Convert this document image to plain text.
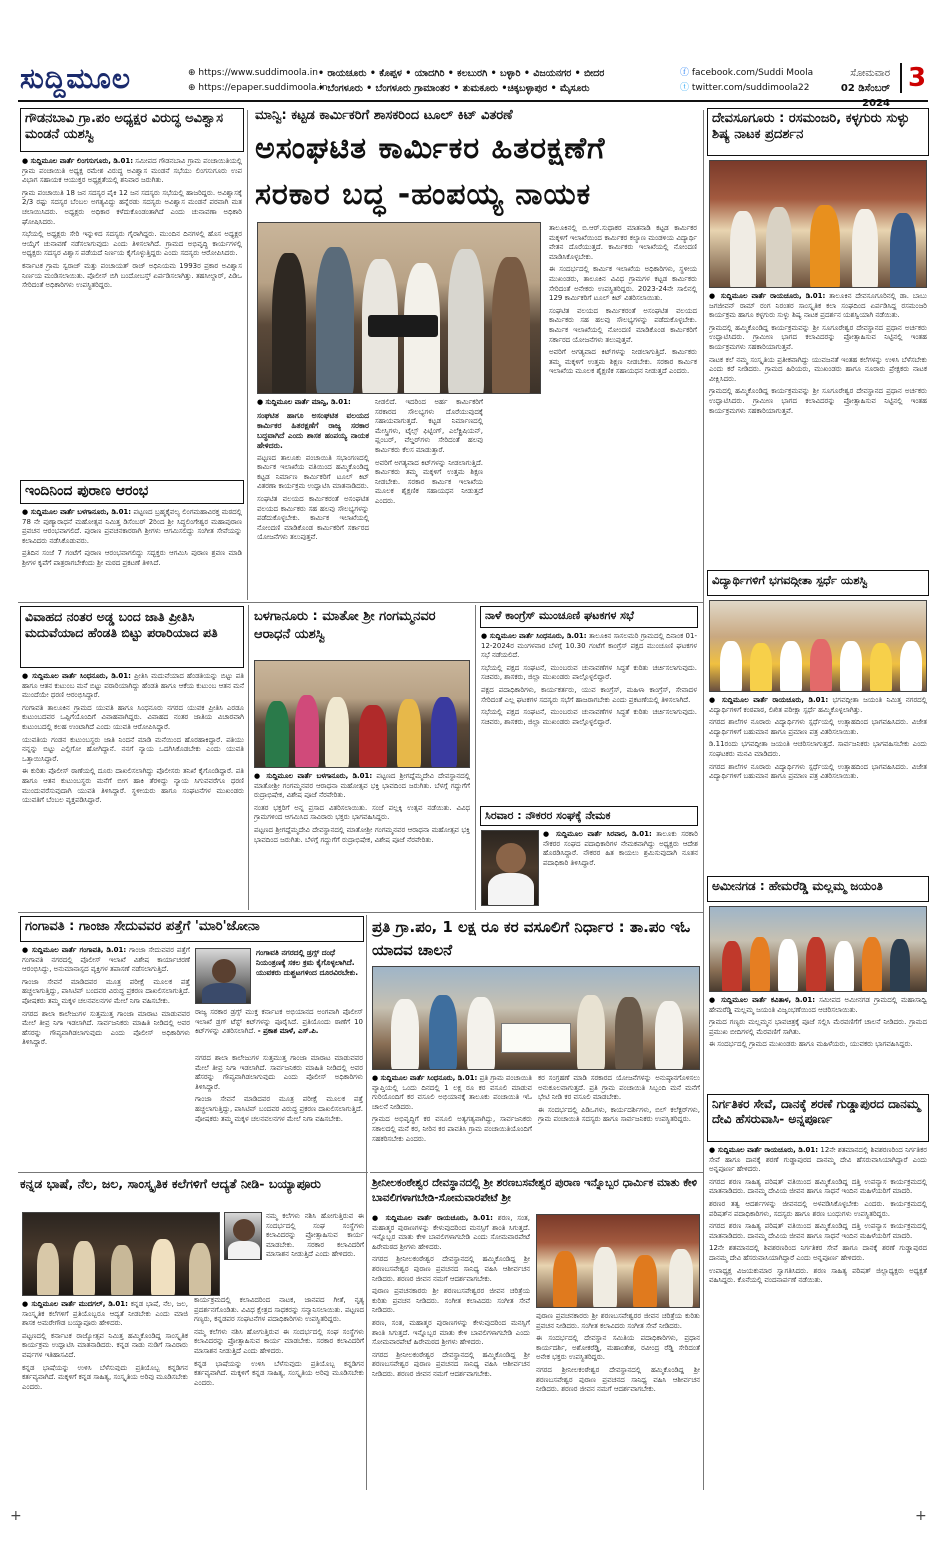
ಸುದ್ದಿಮೂಲ	⊕ https://www.suddimoola.in
⊕ https://epaper.suddimoola.in
• ರಾಯಚೂರು • ಕೊಪ್ಪಳ • ಯಾದಗಿರಿ • ಕಲಬುರಗಿ • ಬಳ್ಳಾರಿ • ವಿಜಯನಗರ • ಬೀದರ
• ಬೆಂಗಳೂರು • ಬೆಂಗಳೂರು ಗ್ರಾಮಾಂತರ • ತುಮಕೂರು •ಚಿಕ್ಕಬಳ್ಳಾಪುರ • ಮೈಸೂರು
ⓕ facebook.com/Suddi Moola
ⓣ twitter.com/suddimoola22
ಸೋಮವಾರ
02 ಡಿಸೆಂಬರ್ 2024
3
ಗೌಡನಬಾವಿ ಗ್ರಾ.ಪಂ ಅಧ್ಯಕ್ಷರ ವಿರುದ್ಧ ಅವಿಶ್ವಾಸ ಮಂಡನೆ ಯಶಸ್ವಿ

● ಸುದ್ದಿಮೂಲ ವಾರ್ತೆ ಲಿಂಗಸುಗೂರು, ಡಿ.01: ಸಮೀಪದ ಗೌಡನಬಾವಿ ಗ್ರಾಮ ಪಂಚಾಯಿತಿಯಲ್ಲಿ ಗ್ರಾಮ ಪಂಚಾಯಿತಿ ಅಧ್ಯಕ್ಷ ರಮೇಶ ವಿರುದ್ಧ ಅವಿಶ್ವಾಸ ಮಂಡನೆ ಸಭೆಯು ಲಿಂಗಸುಗೂರು ಉಪ ವಿಭಾಗ ಸಹಾಯಕ ಆಯುಕ್ತರ ಅಧ್ಯಕ್ಷತೆಯಲ್ಲಿ ಶನಿವಾರ ಜರುಗಿತು.

ಗ್ರಾಮ ಪಂಚಾಯಿತಿ 18 ಜನ ಸದಸ್ಯರ ಪೈಕಿ 12 ಜನ ಸದಸ್ಯರು ಸಭೆಯಲ್ಲಿ ಹಾಜರಿದ್ದರು. ಅವಿಶ್ವಾಸಕ್ಕೆ 2/3 ರಷ್ಟು ಸದಸ್ಯರ ಬೆಂಬಲ ಅಗತ್ಯವಿದ್ದು ಹನ್ನೆರಡು ಸದಸ್ಯರು ಅವಿಶ್ವಾಸ ಮಂಡನೆ ಪರವಾಗಿ ಮತ ಚಲಾಯಿಸಿದರು. ಅಧ್ಯಕ್ಷರು ಅಧಿಕಾರ ಕಳೆದುಕೊಂಡಂತಾಗಿದೆ ಎಂದು ಚುನಾವಣಾ ಅಧಿಕಾರಿ ಘೋಷಿಸಿದರು.

ಸಭೆಯಲ್ಲಿ ಅಧ್ಯಕ್ಷರು ಸೇರಿ ಇನ್ನುಳಿದ ಸದಸ್ಯರು ಗೈರಾಗಿದ್ದರು. ಮುಂದಿನ ದಿನಗಳಲ್ಲಿ ಹೊಸ ಅಧ್ಯಕ್ಷರ ಆಯ್ಕೆಗೆ ಚುನಾವಣೆ ನಡೆಸಲಾಗುವುದು ಎಂದು ತಿಳಿಸಲಾಗಿದೆ. ಗ್ರಾಮದ ಅಭಿವೃದ್ಧಿ ಕಾರ್ಯಗಳಲ್ಲಿ ಅಧ್ಯಕ್ಷರು ಸದಸ್ಯರ ವಿಶ್ವಾಸ ಪಡೆಯದೆ ನಿರ್ಣಯ ಕೈಗೊಳ್ಳುತ್ತಿದ್ದರು ಎಂದು ಸದಸ್ಯರು ಆರೋಪಿಸಿದರು.

ಕರ್ನಾಟಕ ಗ್ರಾಮ ಸ್ವರಾಜ್ ಮತ್ತು ಪಂಚಾಯತ್ ರಾಜ್ ಅಧಿನಿಯಮ 1993ರ ಪ್ರಕಾರ ಅವಿಶ್ವಾಸ ನಿರ್ಣಯ ಮಂಡಿಸಲಾಯಿತು. ಪೊಲೀಸ್ ಬಿಗಿ ಬಂದೋಬಸ್ತ್ ಏರ್ಪಡಿಸಲಾಗಿತ್ತು. ತಹಸೀಲ್ದಾರ್, ಪಿಡಿಒ ಸೇರಿದಂತೆ ಅಧಿಕಾರಿಗಳು ಉಪಸ್ಥಿತರಿದ್ದರು.

ಇಂದಿನಿಂದ ಪುರಾಣ ಆರಂಭ

● ಸುದ್ದಿಮೂಲ ವಾರ್ತೆ ಬಳಗಾನೂರು, ಡಿ.01: ಪಟ್ಟಣದ ಬ್ರಹ್ಮಕೈವಲ್ಯ ಲಿಂಗಮಹಾವಿರಕ್ತ ಮಠದಲ್ಲಿ 78 ನೇ ಪುಣ್ಯಾರಾಧನೆ ಮಹೋತ್ಸವ ನಿಮಿತ್ತ ಡಿಸೆಂಬರ್ 2ರಿಂದ ಶ್ರೀ ಸಿದ್ಧಲಿಂಗೇಶ್ವರ ಮಹಾಪುರಾಣ ಪ್ರವಚನ ಆರಂಭವಾಗಲಿದೆ. ಪುರಾಣ ಪ್ರವಚನಕಾರರಾಗಿ ಶ್ರೀಗಳು ಆಗಮಿಸಲಿದ್ದು ಸಂಗೀತ ಸೇವೆಯನ್ನು ಕಲಾವಿದರು ನಡೆಸಿಕೊಡುವರು.

ಪ್ರತಿದಿನ ಸಂಜೆ 7 ಗಂಟೆಗೆ ಪುರಾಣ ಆರಂಭವಾಗಲಿದ್ದು ಸದ್ಭಕ್ತರು ಆಗಮಿಸಿ ಪುರಾಣ ಶ್ರವಣ ಮಾಡಿ ಶ್ರೀಗಳ ಕೃಪೆಗೆ ಪಾತ್ರರಾಗಬೇಕೆಂದು ಶ್ರೀ ಮಠದ ಪ್ರಕಟಣೆ ತಿಳಿಸಿದೆ.

ಮಾನ್ವಿ: ಕಟ್ಟಡ ಕಾರ್ಮಿಕರಿಗೆ ಶಾಸಕರಿಂದ ಟೂಲ್ ಕಿಟ್ ವಿತರಣೆ
ಅಸಂಘಟಿತ ಕಾರ್ಮಿಕರ ಹಿತರಕ್ಷಣೆಗೆ
ಸರಕಾರ ಬದ್ಧ -ಹಂಪಯ್ಯ ನಾಯಕ

● ಸುದ್ದಿಮೂಲ ವಾರ್ತೆ ಮಾನ್ವಿ, ಡಿ.01:

ಸಂಘಟಿತ ಹಾಗೂ ಅಸಂಘಟಿತ ವಲಯದ ಕಾರ್ಮಿಕರ ಹಿತರಕ್ಷಣೆಗೆ ರಾಜ್ಯ ಸರಕಾರ ಬದ್ಧವಾಗಿದೆ ಎಂದು ಶಾಸಕ ಹಂಪಯ್ಯ ನಾಯಕ ಹೇಳಿದರು.

ಪಟ್ಟಣದ ತಾಲೂಕು ಪಂಚಾಯಿತಿ ಸಭಾಂಗಣದಲ್ಲಿ ಕಾರ್ಮಿಕ ಇಲಾಖೆಯ ವತಿಯಿಂದ ಹಮ್ಮಿಕೊಂಡಿದ್ದ ಕಟ್ಟಡ ನಿರ್ಮಾಣ ಕಾರ್ಮಿಕರಿಗೆ ಟೂಲ್ ಕಿಟ್ ವಿತರಣಾ ಕಾರ್ಯಕ್ರಮ ಉದ್ಘಾಟಿಸಿ ಮಾತನಾಡಿದರು.

ಸಂಘಟಿತ ವಲಯದ ಕಾರ್ಮಿಕರಂತೆ ಅಸಂಘಟಿತ ವಲಯದ ಕಾರ್ಮಿಕರು ಸಹ ಹಲವು ಸೌಲಭ್ಯಗಳನ್ನು ಪಡೆದುಕೊಳ್ಳಬೇಕು. ಕಾರ್ಮಿಕ ಇಲಾಖೆಯಲ್ಲಿ ನೋಂದಣಿ ಮಾಡಿಕೊಂಡ ಕಾರ್ಮಿಕರಿಗೆ ಸರ್ಕಾರದ ಯೋಜನೆಗಳು ತಲುಪುತ್ತವೆ.

ನೀಡಲಿದೆ. ಇದರಿಂದ ಅರ್ಹ ಕಾರ್ಮಿಕರಿಗೆ ಸರಕಾರದ ಸೌಲಭ್ಯಗಳು ದೊರೆಯುವುದಕ್ಕೆ ಸಹಾಯವಾಗುತ್ತದೆ. ಕಟ್ಟಡ ನಿರ್ಮಾಣದಲ್ಲಿ ಮೇಸ್ತ್ರಿಗಳು, ಟೈಲ್ಸ್ ಫಿಟ್ಟಿಂಗ್, ಎಲೆಕ್ಟ್ರಿಷಿಯನ್, ಪ್ಲಂಬರ್, ವೆಲ್ಡರ್‌ಗಳು ಸೇರಿದಂತೆ ಹಲವು ಕಾರ್ಮಿಕರು ಕೆಲಸ ಮಾಡುತ್ತಾರೆ.

ಅವರಿಗೆ ಅಗತ್ಯವಾದ ಕಿಟ್‌ಗಳನ್ನು ನೀಡಲಾಗುತ್ತಿದೆ. ಕಾರ್ಮಿಕರು ತಮ್ಮ ಮಕ್ಕಳಿಗೆ ಉತ್ತಮ ಶಿಕ್ಷಣ ನೀಡಬೇಕು. ಸರಕಾರ ಕಾರ್ಮಿಕ ಇಲಾಖೆಯ ಮೂಲಕ ಶೈಕ್ಷಣಿಕ ಸಹಾಯಧನ ನೀಡುತ್ತದೆ ಎಂದರು.

ತಾಲೂಕಿನಲ್ಲಿ ಬಿ.ಆರ್.ಸುಧಾಕರ ಮಾತನಾಡಿ ಕಟ್ಟಡ ಕಾರ್ಮಿಕರ ಮಕ್ಕಳಿಗೆ ಇಲಾಖೆಯಿಂದ ಕಾರ್ಮಿಕರ ಕಲ್ಯಾಣ ಮಂಡಳಿಯ ವಿದ್ಯಾರ್ಥಿ ವೇತನ ದೊರೆಯುತ್ತದೆ. ಕಾರ್ಮಿಕರು ಇಲಾಖೆಯಲ್ಲಿ ನೋಂದಣಿ ಮಾಡಿಸಿಕೊಳ್ಳಬೇಕು.

ಈ ಸಂದರ್ಭದಲ್ಲಿ ಕಾರ್ಮಿಕ ಇಲಾಖೆಯ ಅಧಿಕಾರಿಗಳು, ಸ್ಥಳೀಯ ಮುಖಂಡರು, ತಾಲೂಕಿನ ವಿವಿಧ ಗ್ರಾಮಗಳ ಕಟ್ಟಡ ಕಾರ್ಮಿಕರು ಸೇರಿದಂತೆ ಅನೇಕರು ಉಪಸ್ಥಿತರಿದ್ದರು. 2023-24ನೇ ಸಾಲಿನಲ್ಲಿ 129 ಕಾರ್ಮಿಕರಿಗೆ ಟೂಲ್ ಕಿಟ್ ವಿತರಿಸಲಾಯಿತು.

ಸಂಘಟಿತ ವಲಯದ ಕಾರ್ಮಿಕರಂತೆ ಅಸಂಘಟಿತ ವಲಯದ ಕಾರ್ಮಿಕರು ಸಹ ಹಲವು ಸೌಲಭ್ಯಗಳನ್ನು ಪಡೆದುಕೊಳ್ಳಬೇಕು. ಕಾರ್ಮಿಕ ಇಲಾಖೆಯಲ್ಲಿ ನೋಂದಣಿ ಮಾಡಿಕೊಂಡ ಕಾರ್ಮಿಕರಿಗೆ ಸರ್ಕಾರದ ಯೋಜನೆಗಳು ತಲುಪುತ್ತವೆ.

ಅವರಿಗೆ ಅಗತ್ಯವಾದ ಕಿಟ್‌ಗಳನ್ನು ನೀಡಲಾಗುತ್ತಿದೆ. ಕಾರ್ಮಿಕರು ತಮ್ಮ ಮಕ್ಕಳಿಗೆ ಉತ್ತಮ ಶಿಕ್ಷಣ ನೀಡಬೇಕು. ಸರಕಾರ ಕಾರ್ಮಿಕ ಇಲಾಖೆಯ ಮೂಲಕ ಶೈಕ್ಷಣಿಕ ಸಹಾಯಧನ ನೀಡುತ್ತದೆ ಎಂದರು.

ದೇವಸೂಗೂರು : ರಸಮಂಜರಿ, ಕಳ್ಳಗುರು ಸುಳ್ಳು ಶಿಷ್ಯ ನಾಟಕ ಪ್ರದರ್ಶನ

● ಸುದ್ದಿಮೂಲ ವಾರ್ತೆ ರಾಯಚೂರು, ಡಿ.01: ತಾಲೂಕಿನ ದೇವಸೂಗೂರಿನಲ್ಲಿ ಡಾ. ಬಾಬು ಜಗಜೀವನ್ ರಾಮ್ ರಂಗ ನಿರಂತರ ಸಾಂಸ್ಕೃತಿಕ ಕಲಾ ಸಂಘದಿಂದ ಏರ್ಪಡಿಸಿದ್ದ ರಸಮಂಜರಿ ಕಾರ್ಯಕ್ರಮ ಹಾಗೂ ಕಳ್ಳಗುರು ಸುಳ್ಳು ಶಿಷ್ಯ ನಾಟಕ ಪ್ರದರ್ಶನ ಯಶಸ್ವಿಯಾಗಿ ನಡೆಯಿತು.

ಗ್ರಾಮದಲ್ಲಿ ಹಮ್ಮಿಕೊಂಡಿದ್ದ ಕಾರ್ಯಕ್ರಮವನ್ನು ಶ್ರೀ ಸೂಗೂರೇಶ್ವರ ದೇವಸ್ಥಾನದ ಪ್ರಧಾನ ಅರ್ಚಕರು ಉದ್ಘಾಟಿಸಿದರು. ಗ್ರಾಮೀಣ ಭಾಗದ ಕಲಾವಿದರನ್ನು ಪ್ರೋತ್ಸಾಹಿಸುವ ನಿಟ್ಟಿನಲ್ಲಿ ಇಂತಹ ಕಾರ್ಯಕ್ರಮಗಳು ಸಹಕಾರಿಯಾಗುತ್ತವೆ.

ನಾಟಕ ಕಲೆ ನಮ್ಮ ಸಂಸ್ಕೃತಿಯ ಪ್ರತೀಕವಾಗಿದ್ದು ಯುವಜನತೆ ಇಂತಹ ಕಲೆಗಳನ್ನು ಉಳಿಸಿ ಬೆಳೆಸಬೇಕು ಎಂದು ಕರೆ ನೀಡಿದರು. ಗ್ರಾಮದ ಹಿರಿಯರು, ಮುಖಂಡರು ಹಾಗೂ ನೂರಾರು ಪ್ರೇಕ್ಷಕರು ನಾಟಕ ವೀಕ್ಷಿಸಿದರು.

ಗ್ರಾಮದಲ್ಲಿ ಹಮ್ಮಿಕೊಂಡಿದ್ದ ಕಾರ್ಯಕ್ರಮವನ್ನು ಶ್ರೀ ಸೂಗೂರೇಶ್ವರ ದೇವಸ್ಥಾನದ ಪ್ರಧಾನ ಅರ್ಚಕರು ಉದ್ಘಾಟಿಸಿದರು. ಗ್ರಾಮೀಣ ಭಾಗದ ಕಲಾವಿದರನ್ನು ಪ್ರೋತ್ಸಾಹಿಸುವ ನಿಟ್ಟಿನಲ್ಲಿ ಇಂತಹ ಕಾರ್ಯಕ್ರಮಗಳು ಸಹಕಾರಿಯಾಗುತ್ತವೆ.

ವಿದ್ಯಾರ್ಥಿಗಳಿಗೆ ಭಗವದ್ಗೀತಾ ಸ್ಪರ್ಧೆ ಯಶಸ್ವಿ

● ಸುದ್ದಿಮೂಲ ವಾರ್ತೆ ರಾಯಚೂರು, ಡಿ.01: ಭಗವದ್ಗೀತಾ ಜಯಂತಿ ನಿಮಿತ್ತ ನಗರದಲ್ಲಿ ವಿದ್ಯಾರ್ಥಿಗಳಿಗೆ ಕಂಠಪಾಠ, ಲಿಖಿತ ಪರೀಕ್ಷಾ ಸ್ಪರ್ಧೆ ಹಮ್ಮಿಕೊಳ್ಳಲಾಗಿತ್ತು.

ನಗರದ ಶಾಲೆಗಳ ನೂರಾರು ವಿದ್ಯಾರ್ಥಿಗಳು ಸ್ಪರ್ಧೆಯಲ್ಲಿ ಉತ್ಸಾಹದಿಂದ ಭಾಗವಹಿಸಿದರು. ವಿಜೇತ ವಿದ್ಯಾರ್ಥಿಗಳಿಗೆ ಬಹುಮಾನ ಹಾಗೂ ಪ್ರಮಾಣ ಪತ್ರ ವಿತರಿಸಲಾಯಿತು.

ಡಿ.11ರಂದು ಭಗವದ್ಗೀತಾ ಜಯಂತಿ ಆಚರಿಸಲಾಗುತ್ತದೆ. ಸಾರ್ವಜನಿಕರು ಭಾಗವಹಿಸಬೇಕು ಎಂದು ಸಂಘಟಕರು ಮನವಿ ಮಾಡಿದರು.

ನಗರದ ಶಾಲೆಗಳ ನೂರಾರು ವಿದ್ಯಾರ್ಥಿಗಳು ಸ್ಪರ್ಧೆಯಲ್ಲಿ ಉತ್ಸಾಹದಿಂದ ಭಾಗವಹಿಸಿದರು. ವಿಜೇತ ವಿದ್ಯಾರ್ಥಿಗಳಿಗೆ ಬಹುಮಾನ ಹಾಗೂ ಪ್ರಮಾಣ ಪತ್ರ ವಿತರಿಸಲಾಯಿತು.

ಅಮೀನಗಡ : ಹೇಮರೆಡ್ಡಿ ಮಲ್ಲಮ್ಮ ಜಯಂತಿ

● ಸುದ್ದಿಮೂಲ ವಾರ್ತೆ ಕವಿತಾಳ, ಡಿ.01: ಸಮೀಪದ ಅಮೀನಗಡ ಗ್ರಾಮದಲ್ಲಿ ಮಹಾಸಾಧ್ವಿ ಹೇಮರೆಡ್ಡಿ ಮಲ್ಲಮ್ಮ ಜಯಂತಿ ವಿಜೃಂಭಣೆಯಿಂದ ಆಚರಿಸಲಾಯಿತು.

ಗ್ರಾಮದ ಗಣ್ಯರು ಮಲ್ಲಮ್ಮನ ಭಾವಚಿತ್ರಕ್ಕೆ ಪೂಜೆ ಸಲ್ಲಿಸಿ ಮೆರವಣಿಗೆಗೆ ಚಾಲನೆ ನೀಡಿದರು. ಗ್ರಾಮದ ಪ್ರಮುಖ ಬೀದಿಗಳಲ್ಲಿ ಮೆರವಣಿಗೆ ಸಾಗಿತು.

ಈ ಸಂದರ್ಭದಲ್ಲಿ ಗ್ರಾಮದ ಮುಖಂಡರು ಹಾಗೂ ಮಹಿಳೆಯರು, ಯುವಕರು ಭಾಗವಹಿಸಿದ್ದರು.

ನಿರ್ಗತಿಕರ ಸೇವೆ, ದಾನಕ್ಕೆ ಶರಣೆ ಗುಡ್ಡಾಪುರದ ದಾನಮ್ಮ ದೇವಿ ಹೆಸರುವಾಸಿ- ಅನ್ನಪೂರ್ಣ

● ಸುದ್ದಿಮೂಲ ವಾರ್ತೆ ರಾಯಚೂರು, ಡಿ.01: 12ನೇ ಶತಮಾನದಲ್ಲಿ ಶಿವಶರಣರಿಂದ ನಿರ್ಗತಿಕರ ಸೇವೆ ಹಾಗೂ ದಾನಕ್ಕೆ ಶರಣೆ ಗುಡ್ಡಾಪುರದ ದಾನಮ್ಮ ದೇವಿ ಹೆಸರುವಾಸಿಯಾಗಿದ್ದಾರೆ ಎಂದು ಅನ್ನಪೂರ್ಣ ಹೇಳಿದರು.

ನಗರದ ಶರಣ ಸಾಹಿತ್ಯ ಪರಿಷತ್ ವತಿಯಿಂದ ಹಮ್ಮಿಕೊಂಡಿದ್ದ ದತ್ತಿ ಉಪನ್ಯಾಸ ಕಾರ್ಯಕ್ರಮದಲ್ಲಿ ಮಾತನಾಡಿದರು. ದಾನಮ್ಮ ದೇವಿಯ ಜೀವನ ಹಾಗೂ ಸಾಧನೆ ಇಂದಿನ ಮಹಿಳೆಯರಿಗೆ ಮಾದರಿ.

ಶರಣರ ತತ್ವ ಆದರ್ಶಗಳನ್ನು ಜೀವನದಲ್ಲಿ ಅಳವಡಿಸಿಕೊಳ್ಳಬೇಕು ಎಂದರು. ಕಾರ್ಯಕ್ರಮದಲ್ಲಿ ಪರಿಷತ್‌ನ ಪದಾಧಿಕಾರಿಗಳು, ಸದಸ್ಯರು ಹಾಗೂ ಶರಣ ಬಂಧುಗಳು ಉಪಸ್ಥಿತರಿದ್ದರು.

ನಗರದ ಶರಣ ಸಾಹಿತ್ಯ ಪರಿಷತ್ ವತಿಯಿಂದ ಹಮ್ಮಿಕೊಂಡಿದ್ದ ದತ್ತಿ ಉಪನ್ಯಾಸ ಕಾರ್ಯಕ್ರಮದಲ್ಲಿ ಮಾತನಾಡಿದರು. ದಾನಮ್ಮ ದೇವಿಯ ಜೀವನ ಹಾಗೂ ಸಾಧನೆ ಇಂದಿನ ಮಹಿಳೆಯರಿಗೆ ಮಾದರಿ.

12ನೇ ಶತಮಾನದಲ್ಲಿ ಶಿವಶರಣರಿಂದ ನಿರ್ಗತಿಕರ ಸೇವೆ ಹಾಗೂ ದಾನಕ್ಕೆ ಶರಣೆ ಗುಡ್ಡಾಪುರದ ದಾನಮ್ಮ ದೇವಿ ಹೆಸರುವಾಸಿಯಾಗಿದ್ದಾರೆ ಎಂದು ಅನ್ನಪೂರ್ಣ ಹೇಳಿದರು.

ಉಪಾಧ್ಯಕ್ಷ ವಿಜಯಕುಮಾರ ಸ್ವಾಗತಿಸಿದರು. ಶರಣ ಸಾಹಿತ್ಯ ಪರಿಷತ್ ಜಿಲ್ಲಾಧ್ಯಕ್ಷರು ಅಧ್ಯಕ್ಷತೆ ವಹಿಸಿದ್ದರು. ಕೊನೆಯಲ್ಲಿ ವಂದನಾರ್ಪಣೆ ನಡೆಯಿತು.

ವಿವಾಹದ ನಂತರ ಅಡ್ಡ ಬಂದ ಜಾತಿ ಪ್ರೀತಿಸಿ ಮದುವೆಯಾದ ಹೆಂಡತಿ ಬಿಟ್ಟು ಪರಾರಿಯಾದ ಪತಿ

● ಸುದ್ದಿಮೂಲ ವಾರ್ತೆ ಸಿಂಧನೂರು, ಡಿ.01: ಪ್ರೀತಿಸಿ ಮದುವೆಯಾದ ಹೆಂಡತಿಯನ್ನು ಬಿಟ್ಟು ಪತಿ ಹಾಗೂ ಆತನ ಕುಟುಂಬ ಮನೆ ಬಿಟ್ಟು ಪರಾರಿಯಾಗಿದ್ದು ಹೆಂಡತಿ ಹಾಗೂ ಆಕೆಯ ಕುಟುಂಬ ಆತನ ಮನೆ ಮುಂದೆಯೇ ಧರಣಿ ಆರಂಭಿಸಿದ್ದಾರೆ.

ಗಂಗಾವತಿ ತಾಲೂಕಿನ ಗ್ರಾಮದ ಯುವತಿ ಹಾಗೂ ಸಿಂಧನೂರು ನಗರದ ಯುವಕ ಪ್ರೀತಿಸಿ ಎರಡೂ ಕುಟುಂಬದವರ ಒಪ್ಪಿಗೆಯೊಂದಿಗೆ ವಿವಾಹವಾಗಿದ್ದರು. ವಿವಾಹದ ನಂತರ ಜಾತಿಯ ವಿಚಾರವಾಗಿ ಕುಟುಂಬದಲ್ಲಿ ಕಲಹ ಉಂಟಾಗಿದೆ ಎಂದು ಯುವತಿ ಆರೋಪಿಸಿದ್ದಾರೆ.

ಯುವತಿಯ ಗಂಡನ ಕುಟುಂಬಸ್ಥರು ಜಾತಿ ನಿಂದನೆ ಮಾಡಿ ಮನೆಯಿಂದ ಹೊರಹಾಕಿದ್ದಾರೆ. ಪತಿಯು ನನ್ನನ್ನು ಬಿಟ್ಟು ಎಲ್ಲಿಗೋ ಹೋಗಿದ್ದಾನೆ. ನನಗೆ ನ್ಯಾಯ ಒದಗಿಸಿಕೊಡಬೇಕು ಎಂದು ಯುವತಿ ಒತ್ತಾಯಿಸಿದ್ದಾರೆ.

ಈ ಕುರಿತು ಪೊಲೀಸ್ ಠಾಣೆಯಲ್ಲಿ ದೂರು ದಾಖಲಿಸಲಾಗಿದ್ದು ಪೊಲೀಸರು ತನಿಖೆ ಕೈಗೊಂಡಿದ್ದಾರೆ. ಪತಿ ಹಾಗೂ ಆತನ ಕುಟುಂಬಸ್ಥರು ಮನೆಗೆ ಬೀಗ ಹಾಕಿ ತೆರಳಿದ್ದು ನ್ಯಾಯ ಸಿಗುವವರೆಗೂ ಧರಣಿ ಮುಂದುವರೆಸುವುದಾಗಿ ಯುವತಿ ತಿಳಿಸಿದ್ದಾರೆ. ಸ್ಥಳೀಯರು ಹಾಗೂ ಸಂಘಟನೆಗಳ ಮುಖಂಡರು ಯುವತಿಗೆ ಬೆಂಬಲ ವ್ಯಕ್ತಪಡಿಸಿದ್ದಾರೆ.

ಬಳಗಾನೂರು : ಮಾತೋ ಶ್ರೀ ಗಂಗಮ್ಮನವರ ಆರಾಧನೆ ಯಶಸ್ವಿ

● ಸುದ್ದಿಮೂಲ ವಾರ್ತೆ ಬಳಗಾನೂರು, ಡಿ.01: ಪಟ್ಟಣದ ಶ್ರೀಗದ್ದೆಮ್ಮದೇವಿ ದೇವಸ್ಥಾನದಲ್ಲಿ ಮಾತೋಶ್ರೀ ಗಂಗಮ್ಮನವರ ಆರಾಧನಾ ಮಹೋತ್ಸವ ಭಕ್ತಿ ಭಾವದಿಂದ ಜರುಗಿತು. ಬೆಳಗ್ಗೆ ಗದ್ದುಗೆಗೆ ರುದ್ರಾಭಿಷೇಕ, ವಿಶೇಷ ಪೂಜೆ ನೆರವೇರಿತು.

ನಂತರ ಭಕ್ತರಿಗೆ ಅನ್ನ ಪ್ರಸಾದ ವಿತರಿಸಲಾಯಿತು. ಸಂಜೆ ಪಲ್ಲಕ್ಕಿ ಉತ್ಸವ ನಡೆಯಿತು. ವಿವಿಧ ಗ್ರಾಮಗಳಿಂದ ಆಗಮಿಸಿದ ಸಾವಿರಾರು ಭಕ್ತರು ಭಾಗವಹಿಸಿದ್ದರು.

ಪಟ್ಟಣದ ಶ್ರೀಗದ್ದೆಮ್ಮದೇವಿ ದೇವಸ್ಥಾನದಲ್ಲಿ ಮಾತೋಶ್ರೀ ಗಂಗಮ್ಮನವರ ಆರಾಧನಾ ಮಹೋತ್ಸವ ಭಕ್ತಿ ಭಾವದಿಂದ ಜರುಗಿತು. ಬೆಳಗ್ಗೆ ಗದ್ದುಗೆಗೆ ರುದ್ರಾಭಿಷೇಕ, ವಿಶೇಷ ಪೂಜೆ ನೆರವೇರಿತು.

ನಾಳೆ ಕಾಂಗ್ರೆಸ್ ಮುಂಚೂಣಿ ಘಟಕಗಳ ಸಭೆ

● ಸುದ್ದಿಮೂಲ ವಾರ್ತೆ ಸಿಂಧನೂರು, ಡಿ.01: ತಾಲೂಕಿನ ಸಾಸಲಮರಿ ಗ್ರಾಮದಲ್ಲಿ ದಿನಾಂಕ 01-12-2024ರ ಮಂಗಳವಾರ ಬೆಳಗ್ಗೆ 10.30 ಗಂಟೆಗೆ ಕಾಂಗ್ರೆಸ್ ಪಕ್ಷದ ಮುಂಚೂಣಿ ಘಟಕಗಳ ಸಭೆ ನಡೆಯಲಿದೆ.

ಸಭೆಯಲ್ಲಿ ಪಕ್ಷದ ಸಂಘಟನೆ, ಮುಂಬರುವ ಚುನಾವಣೆಗಳ ಸಿದ್ಧತೆ ಕುರಿತು ಚರ್ಚಿಸಲಾಗುವುದು. ಸಚಿವರು, ಶಾಸಕರು, ಜಿಲ್ಲಾ ಮುಖಂಡರು ಪಾಲ್ಗೊಳ್ಳಲಿದ್ದಾರೆ.

ಪಕ್ಷದ ಪದಾಧಿಕಾರಿಗಳು, ಕಾರ್ಯಕರ್ತರು, ಯುವ ಕಾಂಗ್ರೆಸ್, ಮಹಿಳಾ ಕಾಂಗ್ರೆಸ್, ಸೇವಾದಳ ಸೇರಿದಂತೆ ಎಲ್ಲ ಘಟಕಗಳ ಸದಸ್ಯರು ಸಭೆಗೆ ಹಾಜರಾಗಬೇಕು ಎಂದು ಪ್ರಕಟಣೆಯಲ್ಲಿ ತಿಳಿಸಲಾಗಿದೆ.

ಸಭೆಯಲ್ಲಿ ಪಕ್ಷದ ಸಂಘಟನೆ, ಮುಂಬರುವ ಚುನಾವಣೆಗಳ ಸಿದ್ಧತೆ ಕುರಿತು ಚರ್ಚಿಸಲಾಗುವುದು. ಸಚಿವರು, ಶಾಸಕರು, ಜಿಲ್ಲಾ ಮುಖಂಡರು ಪಾಲ್ಗೊಳ್ಳಲಿದ್ದಾರೆ.

ಸಿರವಾರ : ನೌಕರರ ಸಂಘಕ್ಕೆ ನೇಮಕ

● ಸುದ್ದಿಮೂಲ ವಾರ್ತೆ ಸಿರವಾರ, ಡಿ.01: ತಾಲೂಕು ಸರಕಾರಿ ನೌಕರರ ಸಂಘದ ಪದಾಧಿಕಾರಿಗಳ ನೇಮಕವಾಗಿದ್ದು ಅಧ್ಯಕ್ಷರು ಆದೇಶ ಹೊರಡಿಸಿದ್ದಾರೆ. ನೌಕರರ ಹಿತ ಕಾಯಲು ಶ್ರಮಿಸುವುದಾಗಿ ನೂತನ ಪದಾಧಿಕಾರಿ ತಿಳಿಸಿದ್ದಾರೆ.

ಗಂಗಾವತಿ : ಗಾಂಜಾ ಸೇದುವವರ ಪತ್ತೆಗೆ 'ಮಾರಿ'ಜೋನಾ

● ಸುದ್ದಿಮೂಲ ವಾರ್ತೆ ಗಂಗಾವತಿ, ಡಿ.01: ಗಾಂಜಾ ಸೇದುವವರ ಪತ್ತೆಗೆ ಗಂಗಾವತಿ ನಗರದಲ್ಲಿ ಪೊಲೀಸ್ ಇಲಾಖೆ ವಿಶೇಷ ಕಾರ್ಯಾಚರಣೆ ಆರಂಭಿಸಿದ್ದು, ಅನುಮಾನಾಸ್ಪದ ವ್ಯಕ್ತಿಗಳ ತಪಾಸಣೆ ನಡೆಸಲಾಗುತ್ತಿದೆ.

ಗಾಂಜಾ ಸೇವನೆ ಮಾಡಿದವರ ಮೂತ್ರ ಪರೀಕ್ಷೆ ಮೂಲಕ ಪತ್ತೆ ಹಚ್ಚಲಾಗುತ್ತಿದ್ದು, ಪಾಸಿಟಿವ್ ಬಂದವರ ವಿರುದ್ಧ ಪ್ರಕರಣ ದಾಖಲಿಸಲಾಗುತ್ತಿದೆ. ಪೋಷಕರು ತಮ್ಮ ಮಕ್ಕಳ ಚಲನವಲನಗಳ ಮೇಲೆ ನಿಗಾ ವಹಿಸಬೇಕು.

ನಗರದ ಶಾಲಾ ಕಾಲೇಜುಗಳ ಸುತ್ತಮುತ್ತ ಗಾಂಜಾ ಮಾರಾಟ ಮಾಡುವವರ ಮೇಲೆ ತೀವ್ರ ನಿಗಾ ಇಡಲಾಗಿದೆ. ಸಾರ್ವಜನಿಕರು ಮಾಹಿತಿ ನೀಡಿದಲ್ಲಿ ಅವರ ಹೆಸರನ್ನು ಗೌಪ್ಯವಾಗಿಡಲಾಗುವುದು ಎಂದು ಪೊಲೀಸ್ ಅಧಿಕಾರಿಗಳು ತಿಳಿಸಿದ್ದಾರೆ.

ಗಂಗಾವತಿ ನಗರದಲ್ಲಿ ಡ್ರಗ್ಸ್ ದಂಧೆ ನಿಯಂತ್ರಣಕ್ಕೆ ಸಕಲ ಕ್ರಮ ಕೈಗೊಳ್ಳಲಾಗಿದೆ. ಯುವಕರು ದುಶ್ಚಟಗಳಿಂದ ದೂರವಿರಬೇಕು.

ರಾಜ್ಯ ಸರಕಾರ ಡ್ರಗ್ಸ್ ಮುಕ್ತ ಕರ್ನಾಟಕ ಅಭಿಯಾನದ ಅಂಗವಾಗಿ ಪೊಲೀಸ್ ಇಲಾಖೆ ಡ್ರಗ್ ಟೆಸ್ಟ್ ಕಿಟ್‌ಗಳನ್ನು ಪೂರೈಸಿದೆ. ಪ್ರತಿಯೊಂದು ಠಾಣೆಗೆ 10 ಕಿಟ್‌ಗಳನ್ನು ವಿತರಿಸಲಾಗಿದೆ. - ಪ್ರಕಾಶ ಮಾಳೆ, ಎಸ್.ಪಿ.

ನಗರದ ಶಾಲಾ ಕಾಲೇಜುಗಳ ಸುತ್ತಮುತ್ತ ಗಾಂಜಾ ಮಾರಾಟ ಮಾಡುವವರ ಮೇಲೆ ತೀವ್ರ ನಿಗಾ ಇಡಲಾಗಿದೆ. ಸಾರ್ವಜನಿಕರು ಮಾಹಿತಿ ನೀಡಿದಲ್ಲಿ ಅವರ ಹೆಸರನ್ನು ಗೌಪ್ಯವಾಗಿಡಲಾಗುವುದು ಎಂದು ಪೊಲೀಸ್ ಅಧಿಕಾರಿಗಳು ತಿಳಿಸಿದ್ದಾರೆ.

ಗಾಂಜಾ ಸೇವನೆ ಮಾಡಿದವರ ಮೂತ್ರ ಪರೀಕ್ಷೆ ಮೂಲಕ ಪತ್ತೆ ಹಚ್ಚಲಾಗುತ್ತಿದ್ದು, ಪಾಸಿಟಿವ್ ಬಂದವರ ವಿರುದ್ಧ ಪ್ರಕರಣ ದಾಖಲಿಸಲಾಗುತ್ತಿದೆ. ಪೋಷಕರು ತಮ್ಮ ಮಕ್ಕಳ ಚಲನವಲನಗಳ ಮೇಲೆ ನಿಗಾ ವಹಿಸಬೇಕು.

ಪ್ರತಿ ಗ್ರಾ.ಪಂ, 1 ಲಕ್ಷ ರೂ ಕರ ವಸೂಲಿಗೆ ನಿರ್ಧಾರ : ತಾ.ಪಂ ಇಓ ಯಾದವ ಚಾಲನೆ

● ಸುದ್ದಿಮೂಲ ವಾರ್ತೆ ಸಿಂಧನೂರು, ಡಿ.01: ಪ್ರತಿ ಗ್ರಾಮ ಪಂಚಾಯಿತಿ ವ್ಯಾಪ್ತಿಯಲ್ಲಿ ಒಂದು ದಿನದಲ್ಲಿ 1 ಲಕ್ಷ ರೂ ಕರ ವಸೂಲಿ ಮಾಡುವ ಗುರಿಯೊಂದಿಗೆ ಕರ ವಸೂಲಿ ಅಭಿಯಾನಕ್ಕೆ ತಾಲೂಕು ಪಂಚಾಯಿತಿ ಇಓ ಚಾಲನೆ ನೀಡಿದರು.

ಗ್ರಾಮದ ಅಭಿವೃದ್ಧಿಗೆ ಕರ ವಸೂಲಿ ಅತ್ಯಗತ್ಯವಾಗಿದ್ದು, ಸಾರ್ವಜನಿಕರು ಸಕಾಲದಲ್ಲಿ ಮನೆ ಕರ, ನೀರಿನ ಕರ ಪಾವತಿಸಿ ಗ್ರಾಮ ಪಂಚಾಯಿತಿಯೊಂದಿಗೆ ಸಹಕರಿಸಬೇಕು ಎಂದರು.

ಕರ ಸಂಗ್ರಹಣೆ ಮಾಡಿ ಸರಕಾರದ ಯೋಜನೆಗಳನ್ನು ಅನುಷ್ಠಾನಗೊಳಿಸಲು ಅನುಕೂಲವಾಗುತ್ತದೆ. ಪ್ರತಿ ಗ್ರಾಮ ಪಂಚಾಯಿತಿ ಸಿಬ್ಬಂದಿ ಮನೆ ಮನೆಗೆ ಭೇಟಿ ನೀಡಿ ಕರ ವಸೂಲಿ ಮಾಡಬೇಕು.

ಈ ಸಂದರ್ಭದಲ್ಲಿ ಪಿಡಿಒಗಳು, ಕಾರ್ಯದರ್ಶಿಗಳು, ಬಿಲ್ ಕಲೆಕ್ಟರ್‌ಗಳು, ಗ್ರಾಮ ಪಂಚಾಯಿತಿ ಸದಸ್ಯರು ಹಾಗೂ ಸಾರ್ವಜನಿಕರು ಉಪಸ್ಥಿತರಿದ್ದರು.

ಕನ್ನಡ ಭಾಷೆ, ನೆಲ, ಜಲ, ಸಾಂಸ್ಕೃತಿಕ ಕಲೆಗಳಿಗೆ ಆದ್ಯತೆ ನೀಡಿ- ಬಯ್ಯಾಪೂರು

ನಮ್ಮ ಕಲೆಗಳು ನಶಿಸಿ ಹೋಗುತ್ತಿರುವ ಈ ಸಂದರ್ಭದಲ್ಲಿ ಸಂಘ ಸಂಸ್ಥೆಗಳು ಕಲಾವಿದರನ್ನು ಪ್ರೋತ್ಸಾಹಿಸುವ ಕಾರ್ಯ ಮಾಡಬೇಕು. ಸರಕಾರ ಕಲಾವಿದರಿಗೆ ಮಾಸಾಶನ ನೀಡುತ್ತಿದೆ ಎಂದು ಹೇಳಿದರು.

● ಸುದ್ದಿಮೂಲ ವಾರ್ತೆ ಮುದಗಲ್, ಡಿ.01: ಕನ್ನಡ ಭಾಷೆ, ನೆಲ, ಜಲ, ಸಾಂಸ್ಕೃತಿಕ ಕಲೆಗಳಿಗೆ ಪ್ರತಿಯೊಬ್ಬರೂ ಆದ್ಯತೆ ನೀಡಬೇಕು ಎಂದು ಮಾಜಿ ಶಾಸಕ ಅಮರೇಗೌಡ ಬಯ್ಯಾಪೂರು ಹೇಳಿದರು.

ಪಟ್ಟಣದಲ್ಲಿ ಕರ್ನಾಟಕ ರಾಜ್ಯೋತ್ಸವ ನಿಮಿತ್ತ ಹಮ್ಮಿಕೊಂಡಿದ್ದ ಸಾಂಸ್ಕೃತಿಕ ಕಾರ್ಯಕ್ರಮ ಉದ್ಘಾಟಿಸಿ ಮಾತನಾಡಿದರು. ಕನ್ನಡ ನಾಡು ನುಡಿಗೆ ಸಾವಿರಾರು ವರ್ಷಗಳ ಇತಿಹಾಸವಿದೆ.

ಕನ್ನಡ ಭಾಷೆಯನ್ನು ಉಳಿಸಿ ಬೆಳೆಸುವುದು ಪ್ರತಿಯೊಬ್ಬ ಕನ್ನಡಿಗನ ಕರ್ತವ್ಯವಾಗಿದೆ. ಮಕ್ಕಳಿಗೆ ಕನ್ನಡ ಸಾಹಿತ್ಯ, ಸಂಸ್ಕೃತಿಯ ಅರಿವು ಮೂಡಿಸಬೇಕು ಎಂದರು.

ಕಾರ್ಯಕ್ರಮದಲ್ಲಿ ಕಲಾವಿದರಿಂದ ನಾಟಕ, ಜಾನಪದ ಗೀತೆ, ನೃತ್ಯ ಪ್ರದರ್ಶನಗೊಂಡಿತು. ವಿವಿಧ ಕ್ಷೇತ್ರದ ಸಾಧಕರನ್ನು ಸನ್ಮಾನಿಸಲಾಯಿತು. ಪಟ್ಟಣದ ಗಣ್ಯರು, ಕನ್ನಡಪರ ಸಂಘಟನೆಗಳ ಪದಾಧಿಕಾರಿಗಳು ಉಪಸ್ಥಿತರಿದ್ದರು.

ನಮ್ಮ ಕಲೆಗಳು ನಶಿಸಿ ಹೋಗುತ್ತಿರುವ ಈ ಸಂದರ್ಭದಲ್ಲಿ ಸಂಘ ಸಂಸ್ಥೆಗಳು ಕಲಾವಿದರನ್ನು ಪ್ರೋತ್ಸಾಹಿಸುವ ಕಾರ್ಯ ಮಾಡಬೇಕು. ಸರಕಾರ ಕಲಾವಿದರಿಗೆ ಮಾಸಾಶನ ನೀಡುತ್ತಿದೆ ಎಂದು ಹೇಳಿದರು.

ಕನ್ನಡ ಭಾಷೆಯನ್ನು ಉಳಿಸಿ ಬೆಳೆಸುವುದು ಪ್ರತಿಯೊಬ್ಬ ಕನ್ನಡಿಗನ ಕರ್ತವ್ಯವಾಗಿದೆ. ಮಕ್ಕಳಿಗೆ ಕನ್ನಡ ಸಾಹಿತ್ಯ, ಸಂಸ್ಕೃತಿಯ ಅರಿವು ಮೂಡಿಸಬೇಕು ಎಂದರು.

ಶ್ರೀನೀಲಕಂಠೇಶ್ವರ ದೇವಸ್ಥಾನದಲ್ಲಿ ಶ್ರೀ ಶರಣಬಸವೇಶ್ವರ ಪುರಾಣ ಇನ್ನೊಬ್ಬರ ಧಾರ್ಮಿಕ ಮಾತು ಕೇಳಿ ಬಾವಲಿಗಳಾಗಬೇಡಿ-ಸೋಮವಾರಪೇಟೆ ಶ್ರೀ

● ಸುದ್ದಿಮೂಲ ವಾರ್ತೆ ರಾಯಚೂರು, ಡಿ.01: ಶರಣ, ಸಂತ, ಮಹಾತ್ಮರ ಪುರಾಣಗಳನ್ನು ಕೇಳುವುದರಿಂದ ಮನಸ್ಸಿಗೆ ಶಾಂತಿ ಸಿಗುತ್ತದೆ. ಇನ್ನೊಬ್ಬರ ಮಾತು ಕೇಳಿ ಬಾವಲಿಗಳಾಗಬೇಡಿ ಎಂದು ಸೋಮವಾರಪೇಟೆ ಹಿರೇಮಠದ ಶ್ರೀಗಳು ಹೇಳಿದರು.

ನಗರದ ಶ್ರೀನೀಲಕಂಠೇಶ್ವರ ದೇವಸ್ಥಾನದಲ್ಲಿ ಹಮ್ಮಿಕೊಂಡಿದ್ದ ಶ್ರೀ ಶರಣಬಸವೇಶ್ವರ ಪುರಾಣ ಪ್ರವಚನದ ಸಾನಿಧ್ಯ ವಹಿಸಿ ಆಶೀರ್ವಚನ ನೀಡಿದರು. ಶರಣರ ಜೀವನ ನಮಗೆ ಆದರ್ಶವಾಗಬೇಕು.

ಪುರಾಣ ಪ್ರವಚನಕಾರರು ಶ್ರೀ ಶರಣಬಸವೇಶ್ವರರ ಜೀವನ ಚರಿತ್ರೆಯ ಕುರಿತು ಪ್ರವಚನ ನೀಡಿದರು. ಸಂಗೀತ ಕಲಾವಿದರು ಸಂಗೀತ ಸೇವೆ ನೀಡಿದರು.

ಶರಣ, ಸಂತ, ಮಹಾತ್ಮರ ಪುರಾಣಗಳನ್ನು ಕೇಳುವುದರಿಂದ ಮನಸ್ಸಿಗೆ ಶಾಂತಿ ಸಿಗುತ್ತದೆ. ಇನ್ನೊಬ್ಬರ ಮಾತು ಕೇಳಿ ಬಾವಲಿಗಳಾಗಬೇಡಿ ಎಂದು ಸೋಮವಾರಪೇಟೆ ಹಿರೇಮಠದ ಶ್ರೀಗಳು ಹೇಳಿದರು.

ನಗರದ ಶ್ರೀನೀಲಕಂಠೇಶ್ವರ ದೇವಸ್ಥಾನದಲ್ಲಿ ಹಮ್ಮಿಕೊಂಡಿದ್ದ ಶ್ರೀ ಶರಣಬಸವೇಶ್ವರ ಪುರಾಣ ಪ್ರವಚನದ ಸಾನಿಧ್ಯ ವಹಿಸಿ ಆಶೀರ್ವಚನ ನೀಡಿದರು. ಶರಣರ ಜೀವನ ನಮಗೆ ಆದರ್ಶವಾಗಬೇಕು.

ಪುರಾಣ ಪ್ರವಚನಕಾರರು ಶ್ರೀ ಶರಣಬಸವೇಶ್ವರರ ಜೀವನ ಚರಿತ್ರೆಯ ಕುರಿತು ಪ್ರವಚನ ನೀಡಿದರು. ಸಂಗೀತ ಕಲಾವಿದರು ಸಂಗೀತ ಸೇವೆ ನೀಡಿದರು.

ಈ ಸಂದರ್ಭದಲ್ಲಿ ದೇವಸ್ಥಾನ ಸಮಿತಿಯ ಪದಾಧಿಕಾರಿಗಳು, ಪ್ರಧಾನ ಕಾರ್ಯದರ್ಶಿ, ಅಶೋಕರೆಡ್ಡಿ, ಮಹಾಂತೇಶ, ರವೀಂದ್ರ ರೆಡ್ಡಿ ಸೇರಿದಂತೆ ಅನೇಕ ಭಕ್ತರು ಉಪಸ್ಥಿತರಿದ್ದರು.

ನಗರದ ಶ್ರೀನೀಲಕಂಠೇಶ್ವರ ದೇವಸ್ಥಾನದಲ್ಲಿ ಹಮ್ಮಿಕೊಂಡಿದ್ದ ಶ್ರೀ ಶರಣಬಸವೇಶ್ವರ ಪುರಾಣ ಪ್ರವಚನದ ಸಾನಿಧ್ಯ ವಹಿಸಿ ಆಶೀರ್ವಚನ ನೀಡಿದರು. ಶರಣರ ಜೀವನ ನಮಗೆ ಆದರ್ಶವಾಗಬೇಕು.

+	+
